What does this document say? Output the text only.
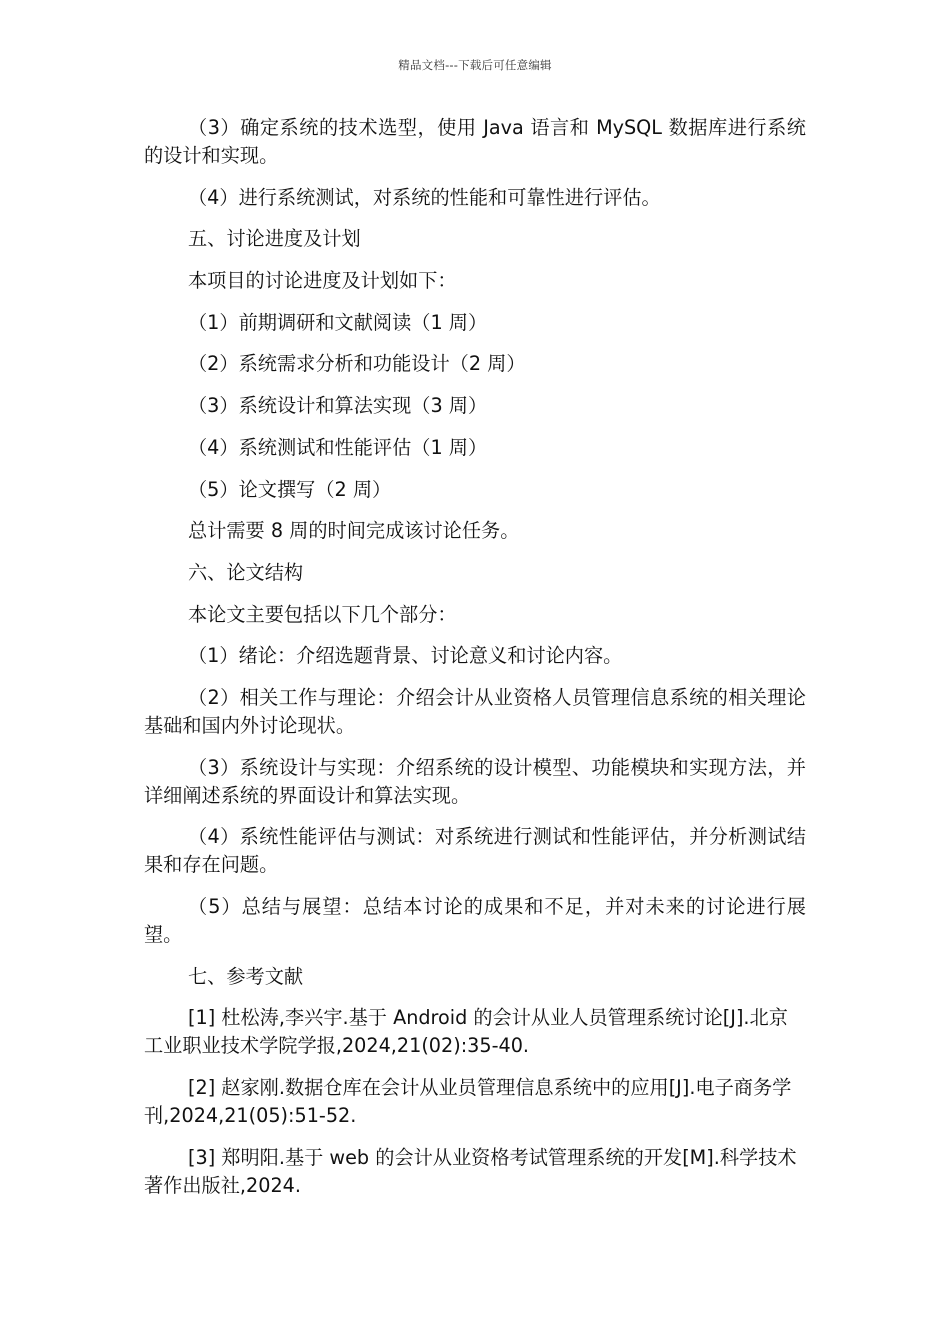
精品文档---下载后可任意编辑

（3）确定系统的技术选型，使用 Java 语言和 MySQL 数据库进行系统的设计和实现。

（4）进行系统测试，对系统的性能和可靠性进行评估。

五、讨论进度及计划

本项目的讨论进度及计划如下：

（1）前期调研和文献阅读（1 周）

（2）系统需求分析和功能设计（2 周）

（3）系统设计和算法实现（3 周）

（4）系统测试和性能评估（1 周）

（5）论文撰写（2 周）

总计需要 8 周的时间完成该讨论任务。

六、论文结构

本论文主要包括以下几个部分：

（1）绪论：介绍选题背景、讨论意义和讨论内容。

（2）相关工作与理论：介绍会计从业资格人员管理信息系统的相关理论基础和国内外讨论现状。

（3）系统设计与实现：介绍系统的设计模型、功能模块和实现方法，并详细阐述系统的界面设计和算法实现。

（4）系统性能评估与测试：对系统进行测试和性能评估，并分析测试结果和存在问题。

（5）总结与展望：总结本讨论的成果和不足，并对未来的讨论进行展望。

七、参考文献

[1] 杜松涛,李兴宇.基于 Android 的会计从业人员管理系统讨论[J].北京工业职业技术学院学报,2024,21(02):35-40.

[2] 赵家刚.数据仓库在会计从业员管理信息系统中的应用[J].电子商务学刊,2024,21(05):51-52.

[3] 郑明阳.基于 web 的会计从业资格考试管理系统的开发[M].科学技术著作出版社,2024.
